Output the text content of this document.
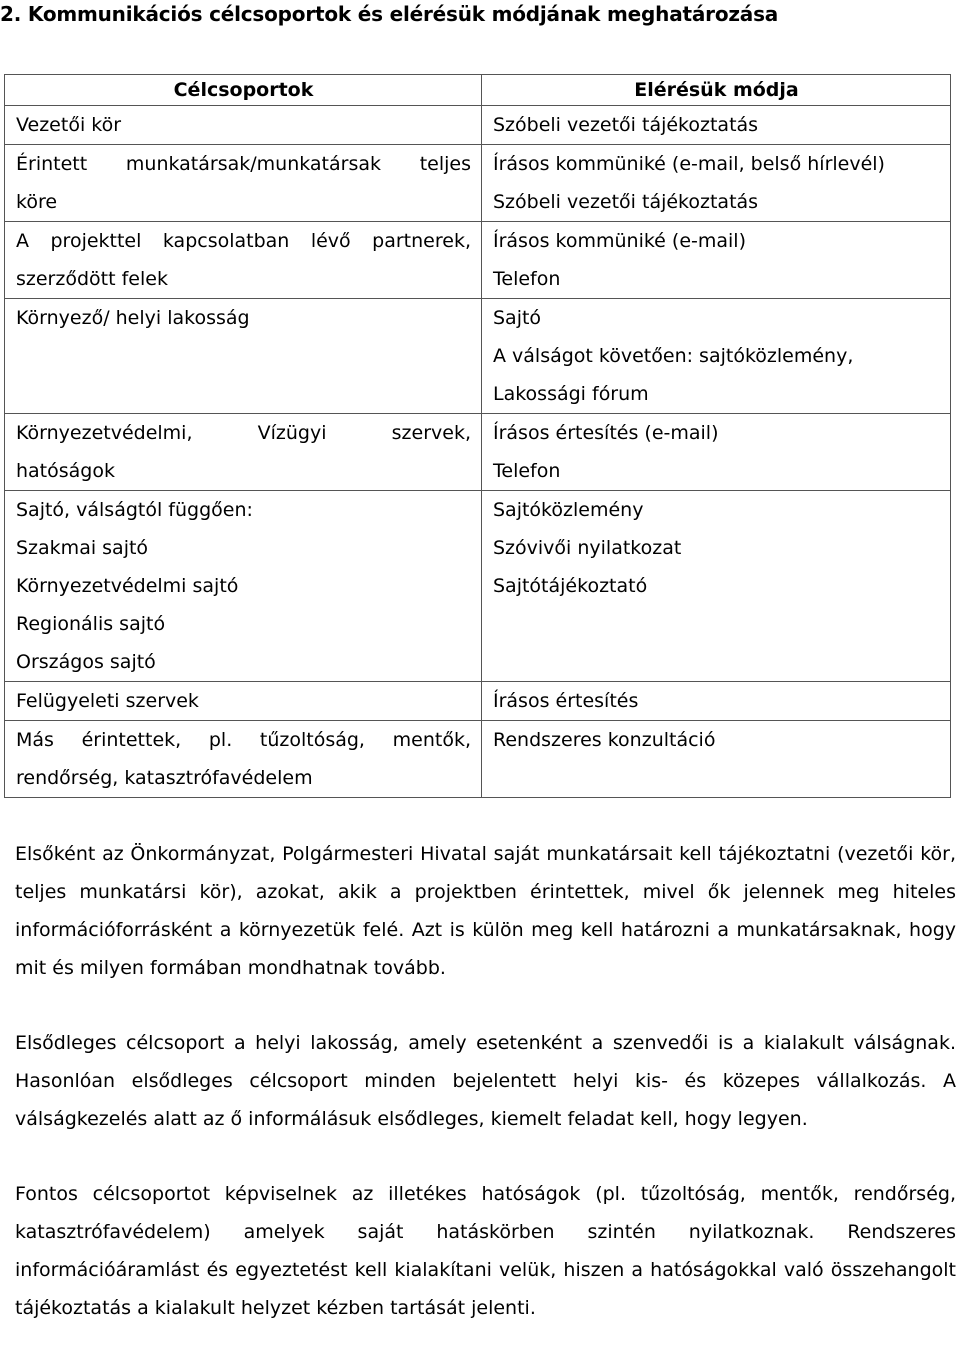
2. Kommunikációs célcsoportok és elérésük módjának meghatározása
Célcsoportok	Elérésük módja

Vezetői kör	Szóbeli vezetői tájékoztatás

Érintett munkatársak/munkatársak teljes
köre	Írásos kommüniké (e-mail, belső hírlevél)
Szóbeli vezetői tájékoztatás

A projekttel kapcsolatban lévő partnerek,
szerződött felek	Írásos kommüniké (e-mail)
Telefon

Környező/ helyi lakosság	Sajtó
A válságot követően: sajtóközlemény,
Lakossági fórum

Környezetvédelmi, Vízügyi szervek,
hatóságok	Írásos értesítés (e-mail)
Telefon

Sajtó, válságtól függően:
Szakmai sajtó
Környezetvédelmi sajtó
Regionális sajtó
Országos sajtó	Sajtóközlemény
Szóvivői nyilatkozat
Sajtótájékoztató

Felügyeleti szervek	Írásos értesítés

Más érintettek, pl. tűzoltóság, mentők,
rendőrség, katasztrófavédelem	Rendszeres konzultáció

Elsőként az Önkormányzat, Polgármesteri Hivatal saját munkatársait kell tájékoztatni (vezetői kör, teljes munkatársi kör), azokat, akik a projektben érintettek, mivel ők jelennek meg hiteles információforrásként a környezetük felé. Azt is külön meg kell határozni a munkatársaknak, hogy mit és milyen formában mondhatnak tovább.

Elsődleges célcsoport a helyi lakosság, amely esetenként a szenvedői is a kialakult válságnak. Hasonlóan elsődleges célcsoport minden bejelentett helyi kis- és közepes vállalkozás. A válságkezelés alatt az ő informálásuk elsődleges, kiemelt feladat kell, hogy legyen.

Fontos célcsoportot képviselnek az illetékes hatóságok (pl. tűzoltóság, mentők, rendőrség, katasztrófavédelem) amelyek saját hatáskörben szintén nyilatkoznak. Rendszeres információáramlást és egyeztetést kell kialakítani velük, hiszen a hatóságokkal való összehangolt tájékoztatás a kialakult helyzet kézben tartását jelenti.
